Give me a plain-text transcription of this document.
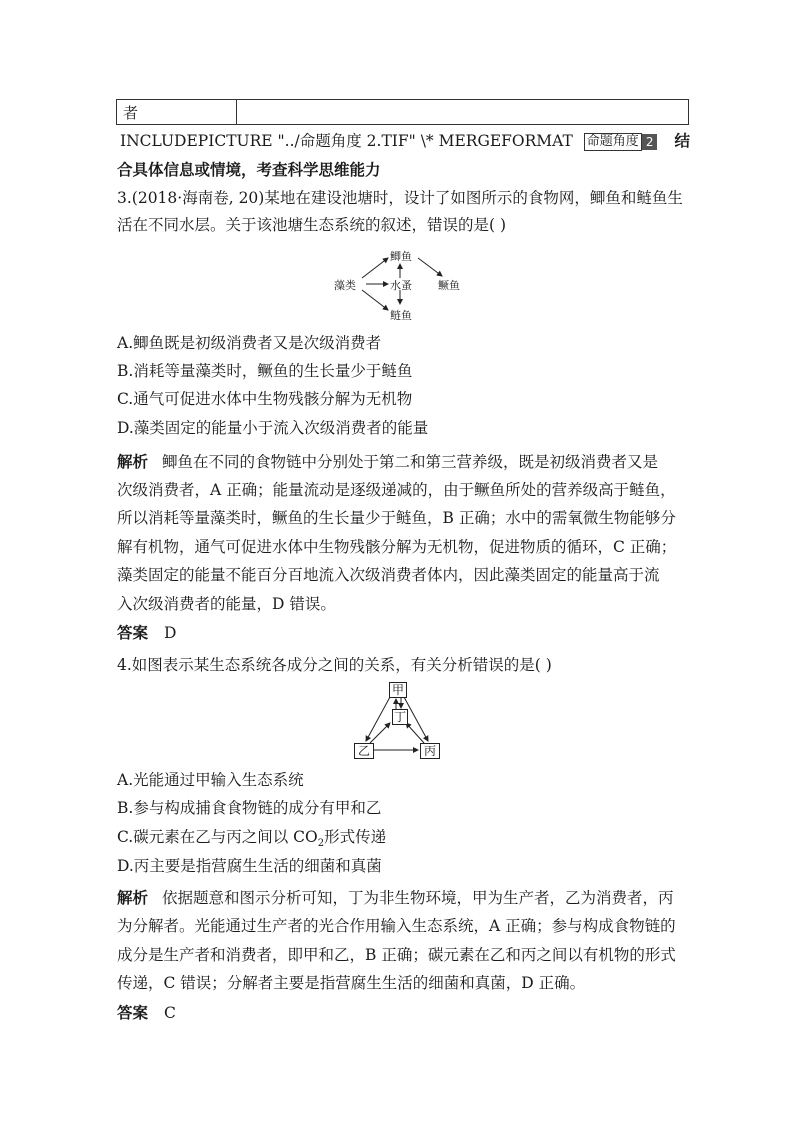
者
INCLUDEPICTURE "../命题角度 2.TIF" \* MERGEFORMAT 命题角度 2 结
合具体信息或情境，考查科学思维能力
3.(2018·海南卷, 20)某地在建设池塘时，设计了如图所示的食物网，鲫鱼和鲢鱼生
活在不同水层。关于该池塘生态系统的叙述，错误的是( )
藻类
鲫鱼
水蚤
鲢鱼
鳜鱼
A.鲫鱼既是初级消费者又是次级消费者
B.消耗等量藻类时，鳜鱼的生长量少于鲢鱼
C.通气可促进水体中生物残骸分解为无机物
D.藻类固定的能量小于流入次级消费者的能量
解析 鲫鱼在不同的食物链中分别处于第二和第三营养级，既是初级消费者又是
次级消费者，A 正确；能量流动是逐级递减的，由于鳜鱼所处的营养级高于鲢鱼，
所以消耗等量藻类时，鳜鱼的生长量少于鲢鱼，B 正确；水中的需氧微生物能够分
解有机物，通气可促进水体中生物残骸分解为无机物，促进物质的循环，C 正确；
藻类固定的能量不能百分百地流入次级消费者体内，因此藻类固定的能量高于流
入次级消费者的能量，D 错误。
答案 D
4.如图表示某生态系统各成分之间的关系，有关分析错误的是( )
甲
丁
乙	丙
A.光能通过甲输入生态系统
B.参与构成捕食食物链的成分有甲和乙
C.碳元素在乙与丙之间以 $CO_2$形式传递
D.丙主要是指营腐生生活的细菌和真菌
解析 依据题意和图示分析可知，丁为非生物环境，甲为生产者，乙为消费者，丙
为分解者。光能通过生产者的光合作用输入生态系统，A 正确；参与构成食物链的
成分是生产者和消费者，即甲和乙，B 正确；碳元素在乙和丙之间以有机物的形式
传递，C 错误；分解者主要是指营腐生生活的细菌和真菌，D 正确。
答案 C
